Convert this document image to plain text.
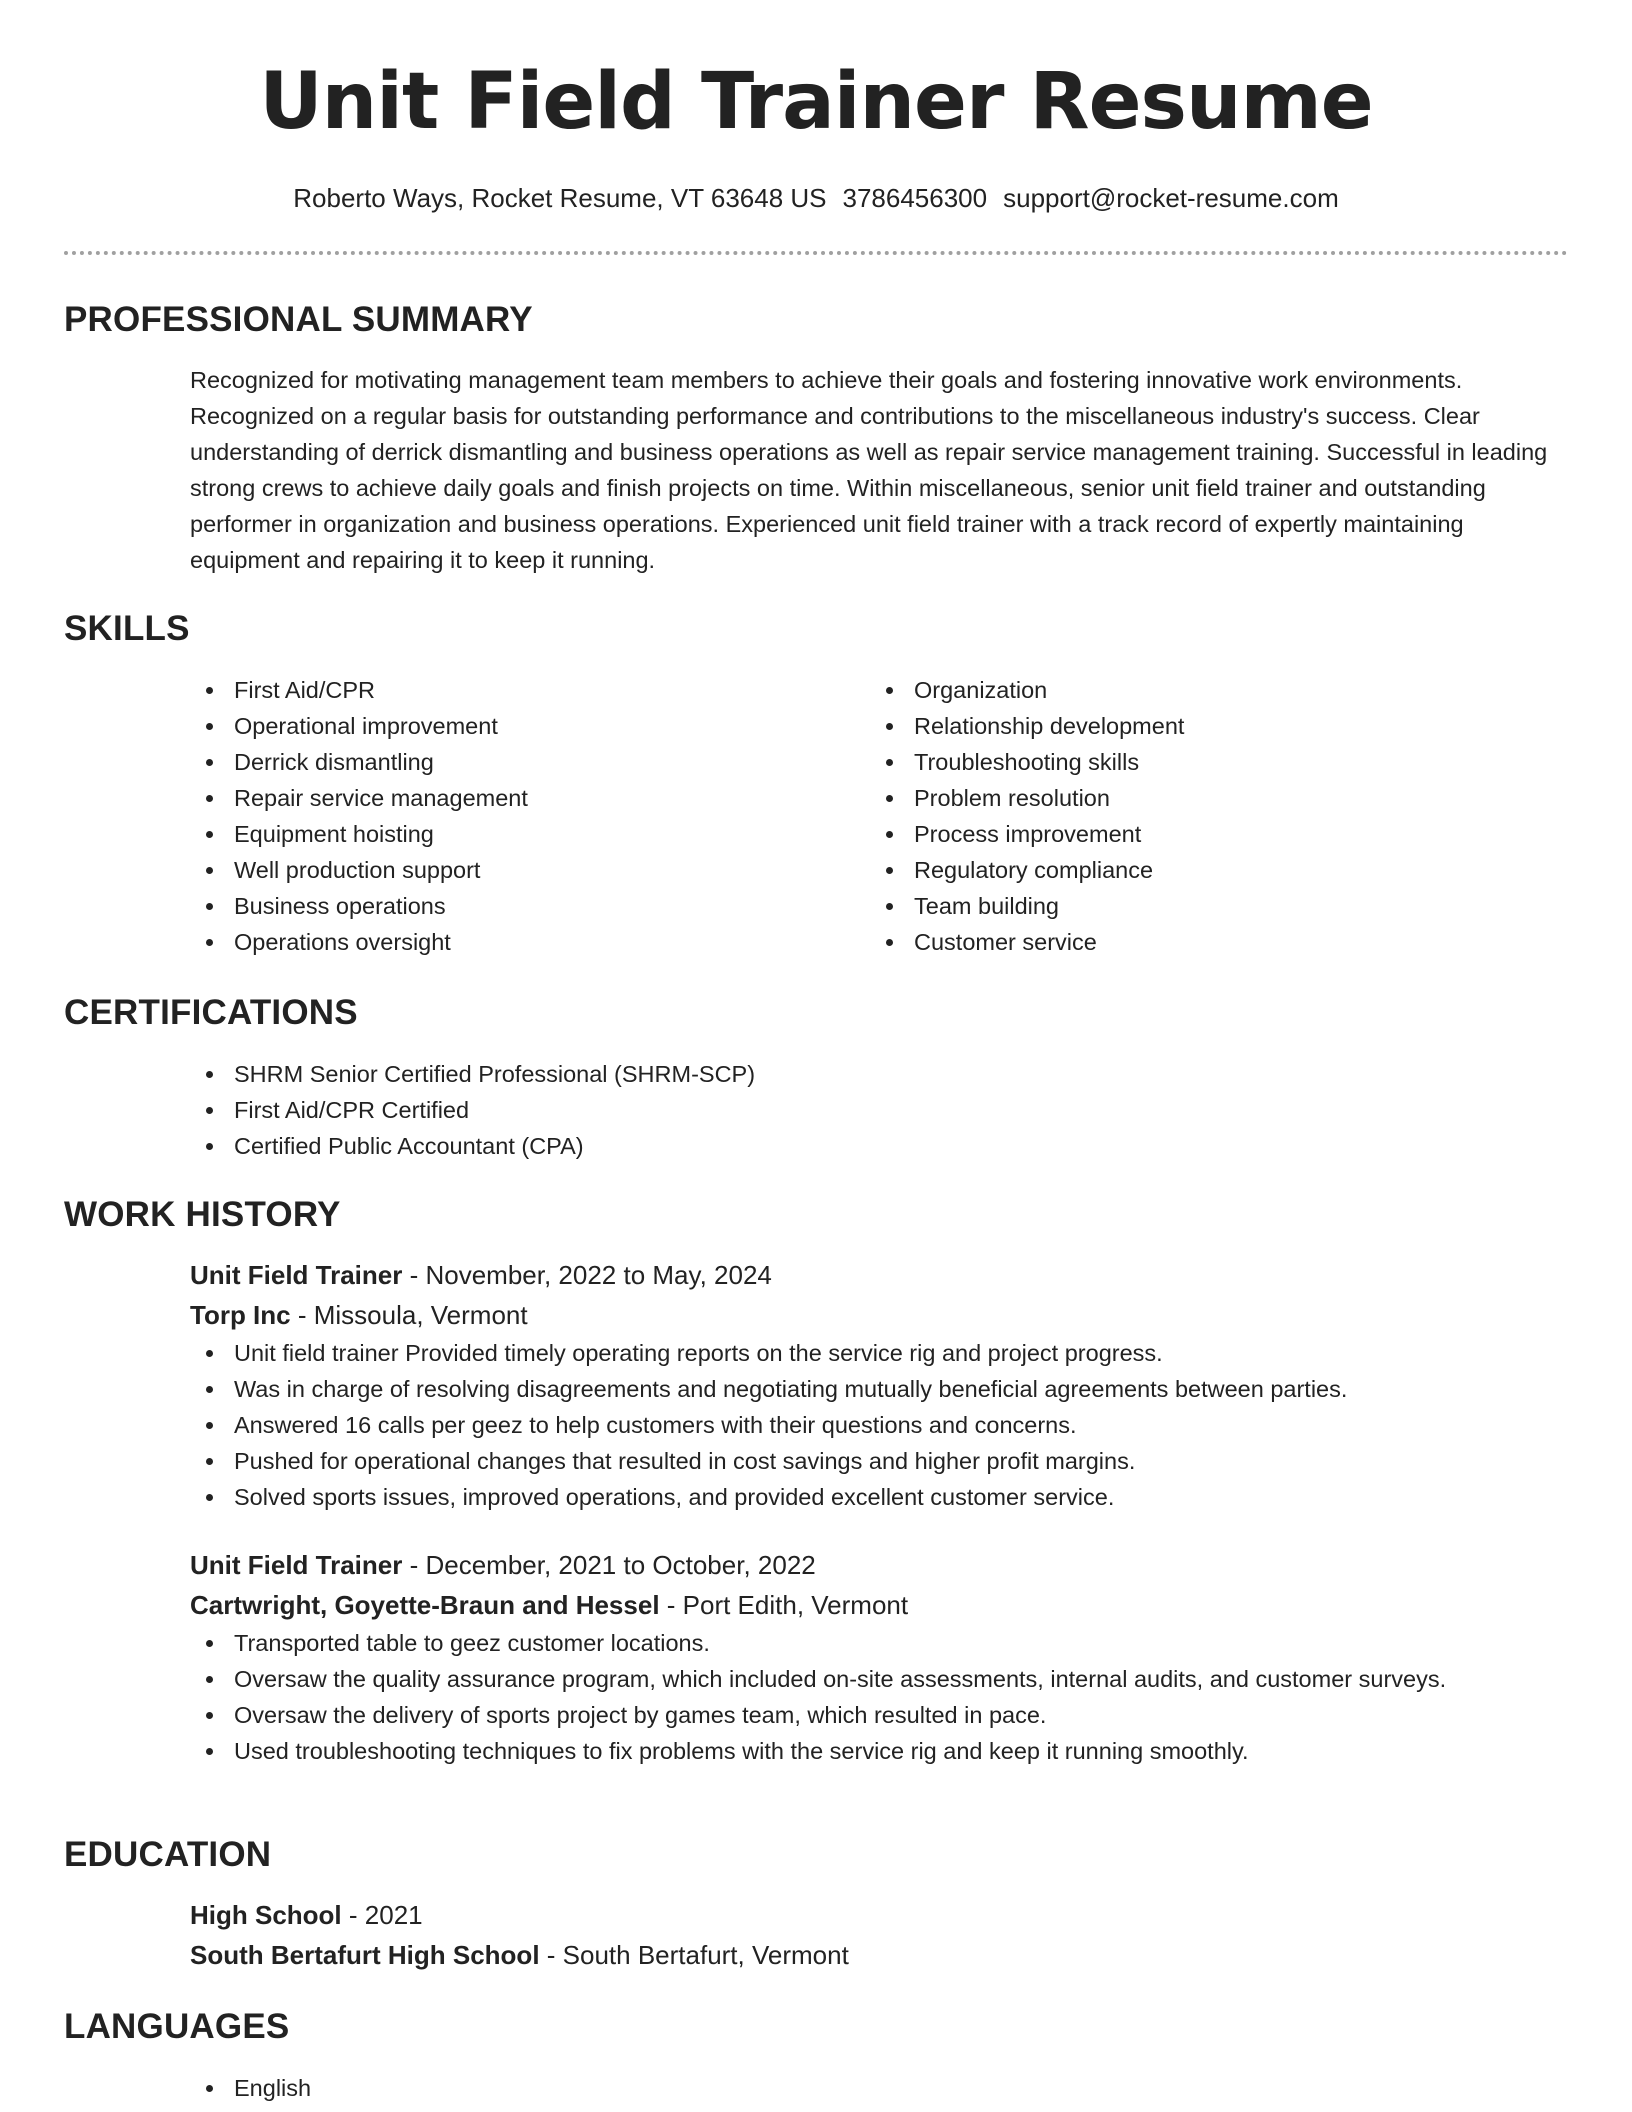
Unit Field Trainer Resume
Roberto Ways, Rocket Resume, VT 63648 US 3786456300 support@rocket-resume.com
PROFESSIONAL SUMMARY

Recognized for motivating management team members to achieve their goals and fostering innovative work environments. Recognized on a regular basis for outstanding performance and contributions to the miscellaneous industry's success. Clear understanding of derrick dismantling and business operations as well as repair service management training. Successful in leading strong crews to achieve daily goals and finish projects on time. Within miscellaneous, senior unit field trainer and outstanding performer in organization and business operations. Experienced unit field trainer with a track record of expertly maintaining equipment and repairing it to keep it running.

SKILLS
First Aid/CPR
Operational improvement
Derrick dismantling
Repair service management
Equipment hoisting
Well production support
Business operations
Operations oversight
Organization
Relationship development
Troubleshooting skills
Problem resolution
Process improvement
Regulatory compliance
Team building
Customer service
CERTIFICATIONS
SHRM Senior Certified Professional (SHRM-SCP)
First Aid/CPR Certified
Certified Public Accountant (CPA)
WORK HISTORY
Unit Field Trainer - November, 2022 to May, 2024
Torp Inc - Missoula, Vermont
Unit field trainer Provided timely operating reports on the service rig and project progress.
Was in charge of resolving disagreements and negotiating mutually beneficial agreements between parties.
Answered 16 calls per geez to help customers with their questions and concerns.
Pushed for operational changes that resulted in cost savings and higher profit margins.
Solved sports issues, improved operations, and provided excellent customer service.
Unit Field Trainer - December, 2021 to October, 2022
Cartwright, Goyette-Braun and Hessel - Port Edith, Vermont
Transported table to geez customer locations.
Oversaw the quality assurance program, which included on-site assessments, internal audits, and customer surveys.
Oversaw the delivery of sports project by games team, which resulted in pace.
Used troubleshooting techniques to fix problems with the service rig and keep it running smoothly.
EDUCATION
High School - 2021
South Bertafurt High School - South Bertafurt, Vermont
LANGUAGES
English
